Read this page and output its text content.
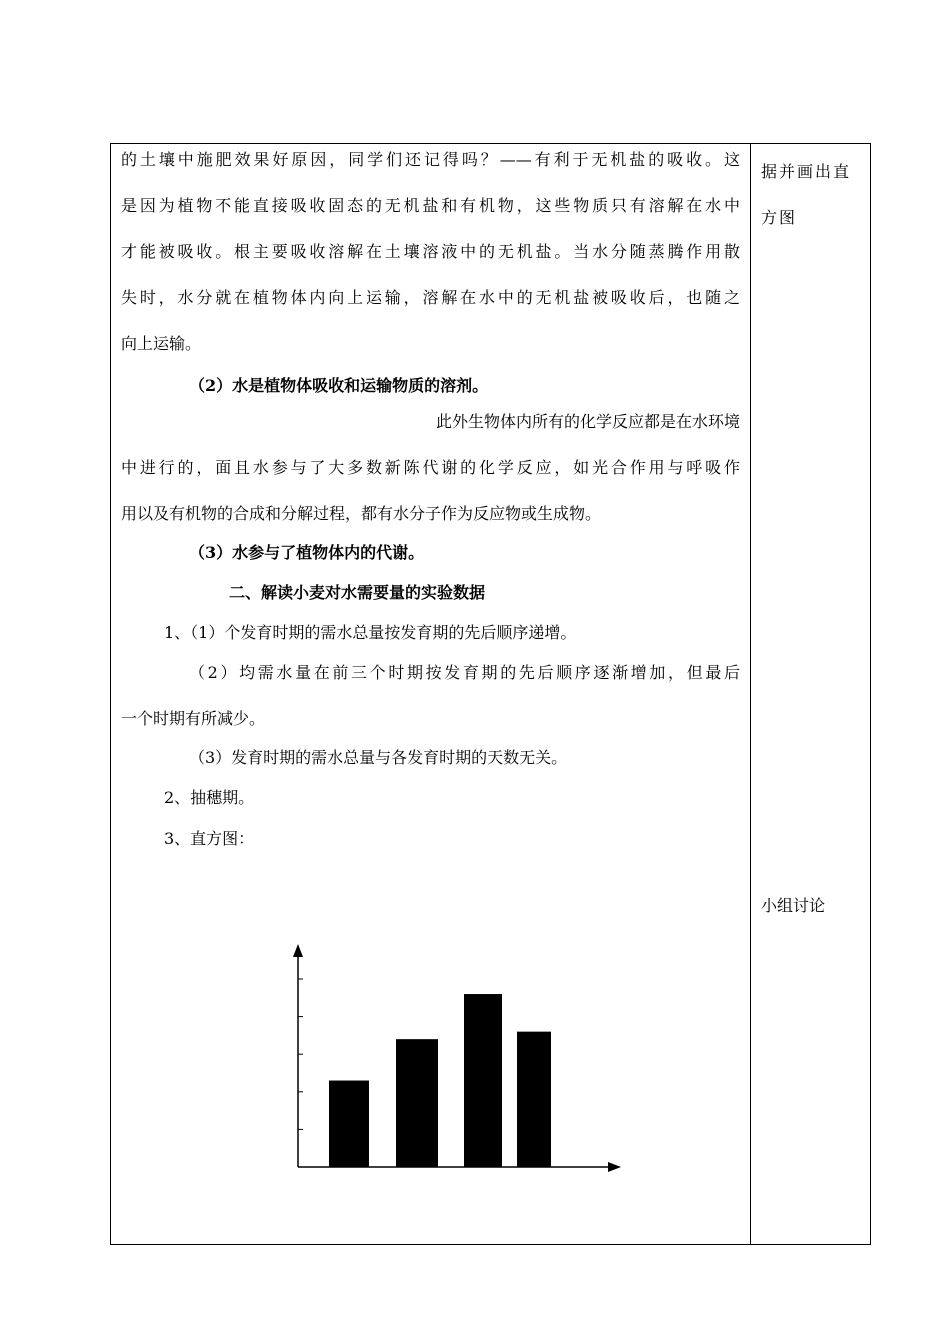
的土壤中施肥效果好原因，同学们还记得吗？——有利于无机盐的吸收。这
是因为植物不能直接吸收固态的无机盐和有机物，这些物质只有溶解在水中
才能被吸收。根主要吸收溶解在土壤溶液中的无机盐。当水分随蒸腾作用散
失时，水分就在植物体内向上运输，溶解在水中的无机盐被吸收后，也随之
向上运输。
（2）水是植物体吸收和运输物质的溶剂。
此外生物体内所有的化学反应都是在水环境
中进行的，面且水参与了大多数新陈代谢的化学反应，如光合作用与呼吸作
用以及有机物的合成和分解过程，都有水分子作为反应物或生成物。
（3）水参与了植物体内的代谢。
二、解读小麦对水需要量的实验数据
1、（1）个发育时期的需水总量按发育期的先后顺序递增。
（2）均需水量在前三个时期按发育期的先后顺序逐渐增加，但最后
一个时期有所减少。
（3）发育时期的需水总量与各发育时期的天数无关。
2、抽穗期。
3、直方图：
据并画出直方图
小组讨论
